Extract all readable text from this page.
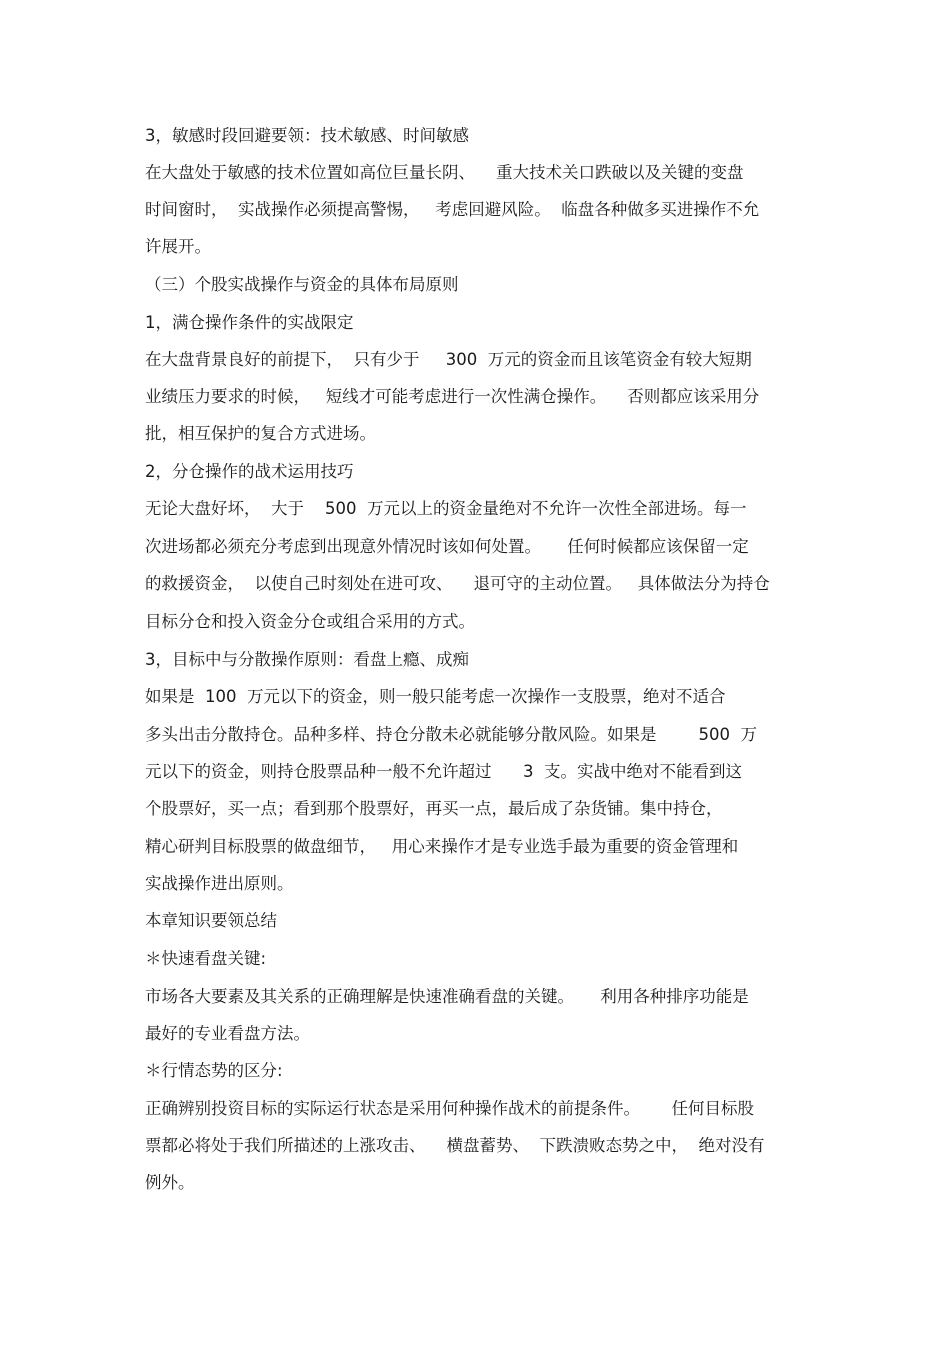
3，敏感时段回避要领：技术敏感、时间敏感
在大盘处于敏感的技术位置如高位巨量长阴、    重大技术关口跌破以及关键的变盘
时间窗时，  实战操作必须提高警惕，   考虑回避风险。  临盘各种做多买进操作不允
许展开。
（三）个股实战操作与资金的具体布局原则
1，满仓操作条件的实战限定
在大盘背景良好的前提下，  只有少于     300  万元的资金而且该笔资金有较大短期
业绩压力要求的时候，   短线才可能考虑进行一次性满仓操作。    否则都应该采用分
批，相互保护的复合方式进场。
2，分仓操作的战术运用技巧
无论大盘好坏，  大于    500  万元以上的资金量绝对不允许一次性全部进场。每一
次进场都必须充分考虑到出现意外情况时该如何处置。     任何时候都应该保留一定
的救援资金，  以使自己时刻处在进可攻、    退可守的主动位置。   具体做法分为持仓
目标分仓和投入资金分仓或组合采用的方式。
3，目标中与分散操作原则：看盘上瘾、成痴
如果是  100  万元以下的资金，则一般只能考虑一次操作一支股票，绝对不适合
多头出击分散持仓。品种多样、持仓分散未必就能够分散风险。如果是        500  万
元以下的资金，则持仓股票品种一般不允许超过      3  支。实战中绝对不能看到这
个股票好，买一点；看到那个股票好，再买一点，最后成了杂货铺。集中持仓，
精心研判目标股票的做盘细节，   用心来操作才是专业选手最为重要的资金管理和
实战操作进出原则。
本章知识要领总结
＊快速看盘关键:
市场各大要素及其关系的正确理解是快速准确看盘的关键。     利用各种排序功能是
最好的专业看盘方法。
＊行情态势的区分:
正确辨别投资目标的实际运行状态是采用何种操作战术的前提条件。      任何目标股
票都必将处于我们所描述的上涨攻击、    横盘蓄势、  下跌溃败态势之中，  绝对没有
例外。
